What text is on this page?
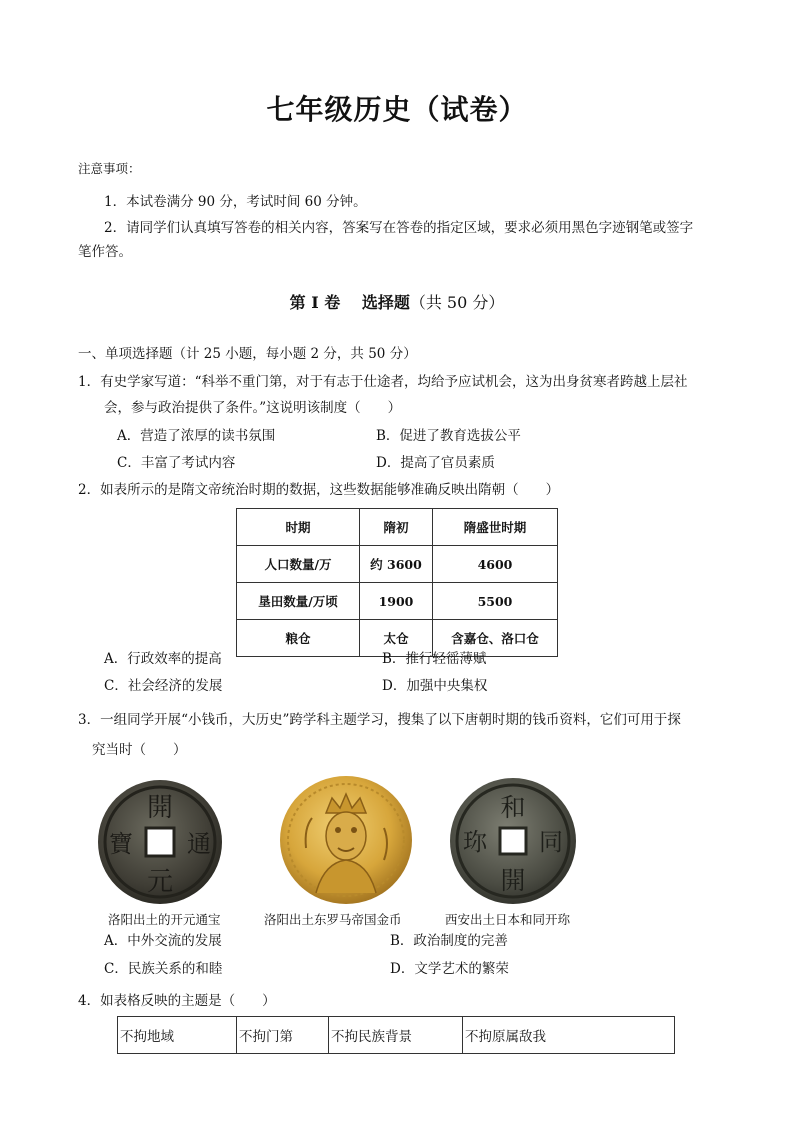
七年级历史（试卷）
注意事项：
1．本试卷满分 90 分，考试时间 60 分钟。
2．请同学们认真填写答卷的相关内容，答案写在答卷的指定区域，要求必须用黑色字迹钢笔或签字
笔作答。
第 Ⅰ 卷　 选择题（共 50 分）
一、单项选择题（计 25 小题，每小题 2 分，共 50 分）
1．有史学家写道：“科举不重门第，对于有志于仕途者，均给予应试机会，这为出身贫寒者跨越上层社
会，参与政治提供了条件。”这说明该制度（　　）
A．营造了浓厚的读书氛围	B．促进了教育选拔公平
C．丰富了考试内容	D．提高了官员素质
2．如表所示的是隋文帝统治时期的数据，这些数据能够准确反映出隋朝（　　）
时期	隋初	隋盛世时期
人口数量/万	约 3600	4600
垦田数量/万顷	1900	5500
粮仓	太仓	含嘉仓、洛口仓
A．行政效率的提高	B．推行轻徭薄赋
C．社会经济的发展	D．加强中央集权
3．一组同学开展“小钱币，大历史”跨学科主题学习，搜集了以下唐朝时期的钱币资料，它们可用于探
究当时（　　）
開
元
通
寶
和
開
同
珎
洛阳出土的开元通宝	洛阳出土东罗马帝国金币	西安出土日本和同开珎
A．中外交流的发展	B．政治制度的完善
C．民族关系的和睦	D．文学艺术的繁荣
4．如表格反映的主题是（　　）
不拘地域	不拘门第	不拘民族背景	不拘原属敌我
